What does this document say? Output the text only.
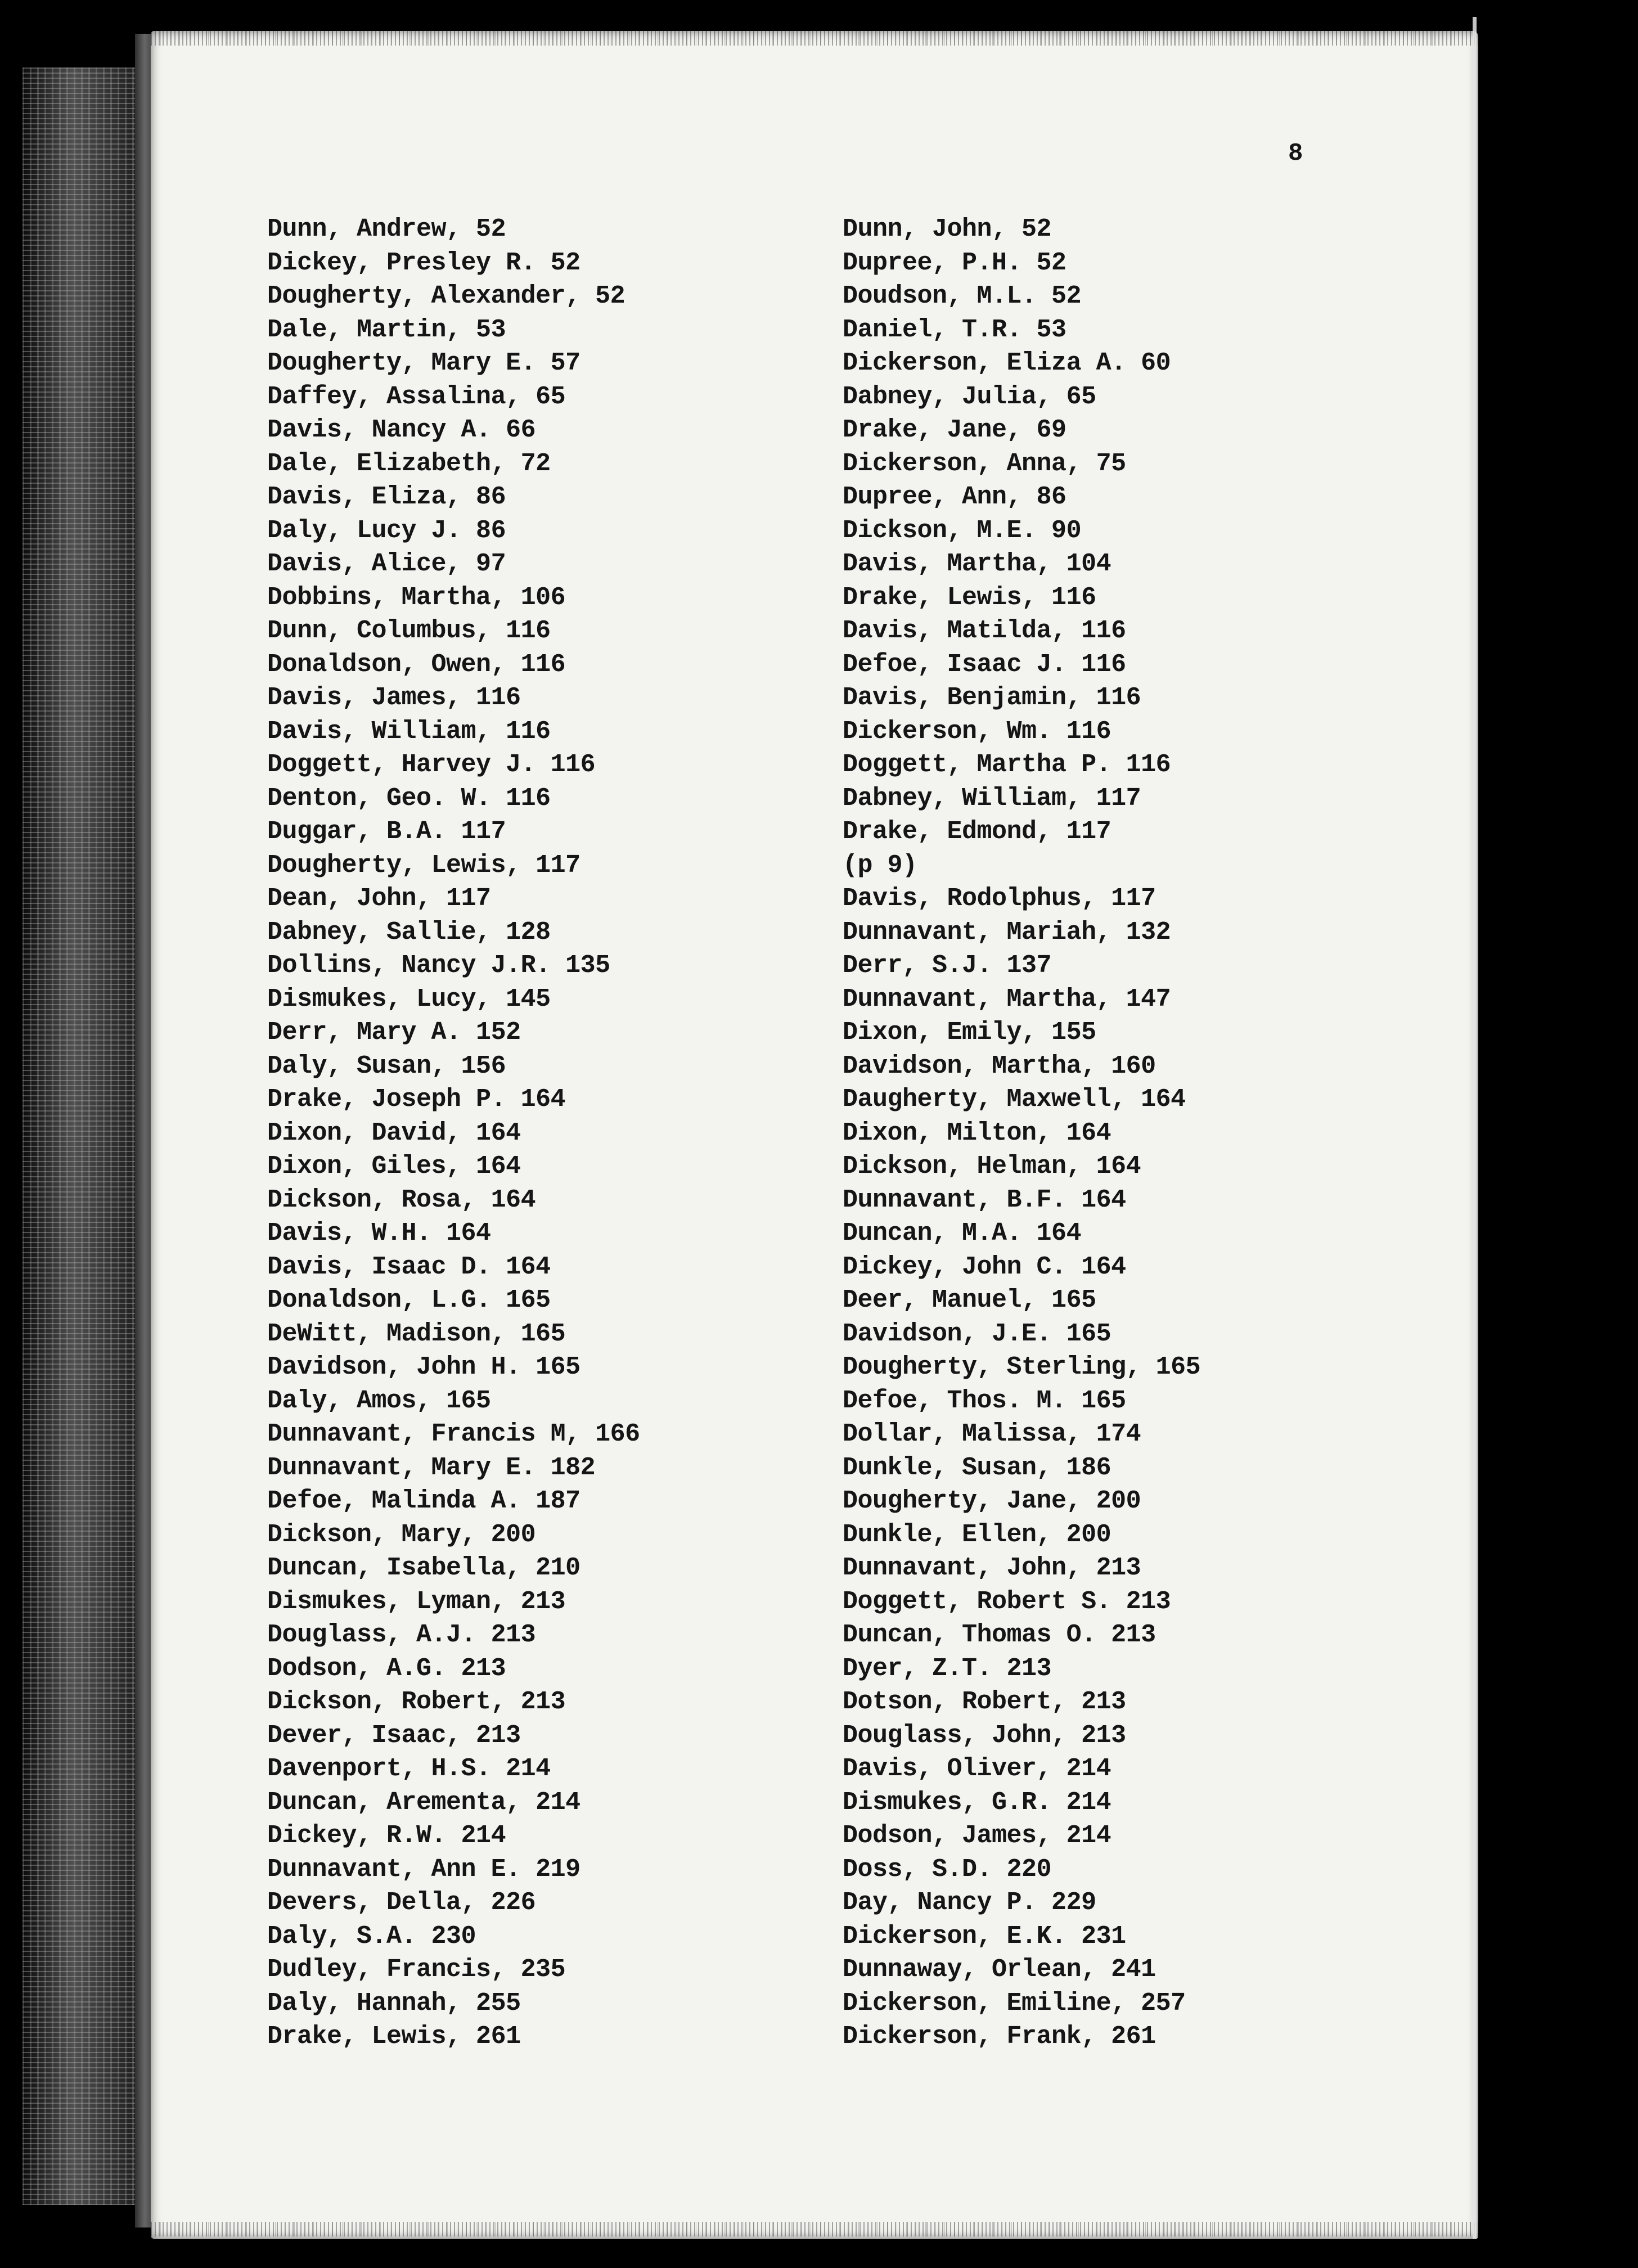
8
Dunn, Andrew, 52
Dickey, Presley R. 52
Dougherty, Alexander, 52
Dale, Martin, 53
Dougherty, Mary E. 57
Daffey, Assalina, 65
Davis, Nancy A. 66
Dale, Elizabeth, 72
Davis, Eliza, 86
Daly, Lucy J. 86
Davis, Alice, 97
Dobbins, Martha, 106
Dunn, Columbus, 116
Donaldson, Owen, 116
Davis, James, 116
Davis, William, 116
Doggett, Harvey J. 116
Denton, Geo. W. 116
Duggar, B.A. 117
Dougherty, Lewis, 117
Dean, John, 117
Dabney, Sallie, 128
Dollins, Nancy J.R. 135
Dismukes, Lucy, 145
Derr, Mary A. 152
Daly, Susan, 156
Drake, Joseph P. 164
Dixon, David, 164
Dixon, Giles, 164
Dickson, Rosa, 164
Davis, W.H. 164
Davis, Isaac D. 164
Donaldson, L.G. 165
DeWitt, Madison, 165
Davidson, John H. 165
Daly, Amos, 165
Dunnavant, Francis M, 166
Dunnavant, Mary E. 182
Defoe, Malinda A. 187
Dickson, Mary, 200
Duncan, Isabella, 210
Dismukes, Lyman, 213
Douglass, A.J. 213
Dodson, A.G. 213
Dickson, Robert, 213
Dever, Isaac, 213
Davenport, H.S. 214
Duncan, Arementa, 214
Dickey, R.W. 214
Dunnavant, Ann E. 219
Devers, Della, 226
Daly, S.A. 230
Dudley, Francis, 235
Daly, Hannah, 255
Drake, Lewis, 261
Dunn, John, 52
Dupree, P.H. 52
Doudson, M.L. 52
Daniel, T.R. 53
Dickerson, Eliza A. 60
Dabney, Julia, 65
Drake, Jane, 69
Dickerson, Anna, 75
Dupree, Ann, 86
Dickson, M.E. 90
Davis, Martha, 104
Drake, Lewis, 116
Davis, Matilda, 116
Defoe, Isaac J. 116
Davis, Benjamin, 116
Dickerson, Wm. 116
Doggett, Martha P. 116
Dabney, William, 117
Drake, Edmond, 117
(p 9)
Davis, Rodolphus, 117
Dunnavant, Mariah, 132
Derr, S.J. 137
Dunnavant, Martha, 147
Dixon, Emily, 155
Davidson, Martha, 160
Daugherty, Maxwell, 164
Dixon, Milton, 164
Dickson, Helman, 164
Dunnavant, B.F. 164
Duncan, M.A. 164
Dickey, John C. 164
Deer, Manuel, 165
Davidson, J.E. 165
Dougherty, Sterling, 165
Defoe, Thos. M. 165
Dollar, Malissa, 174
Dunkle, Susan, 186
Dougherty, Jane, 200
Dunkle, Ellen, 200
Dunnavant, John, 213
Doggett, Robert S. 213
Duncan, Thomas O. 213
Dyer, Z.T. 213
Dotson, Robert, 213
Douglass, John, 213
Davis, Oliver, 214
Dismukes, G.R. 214
Dodson, James, 214
Doss, S.D. 220
Day, Nancy P. 229
Dickerson, E.K. 231
Dunnaway, Orlean, 241
Dickerson, Emiline, 257
Dickerson, Frank, 261
